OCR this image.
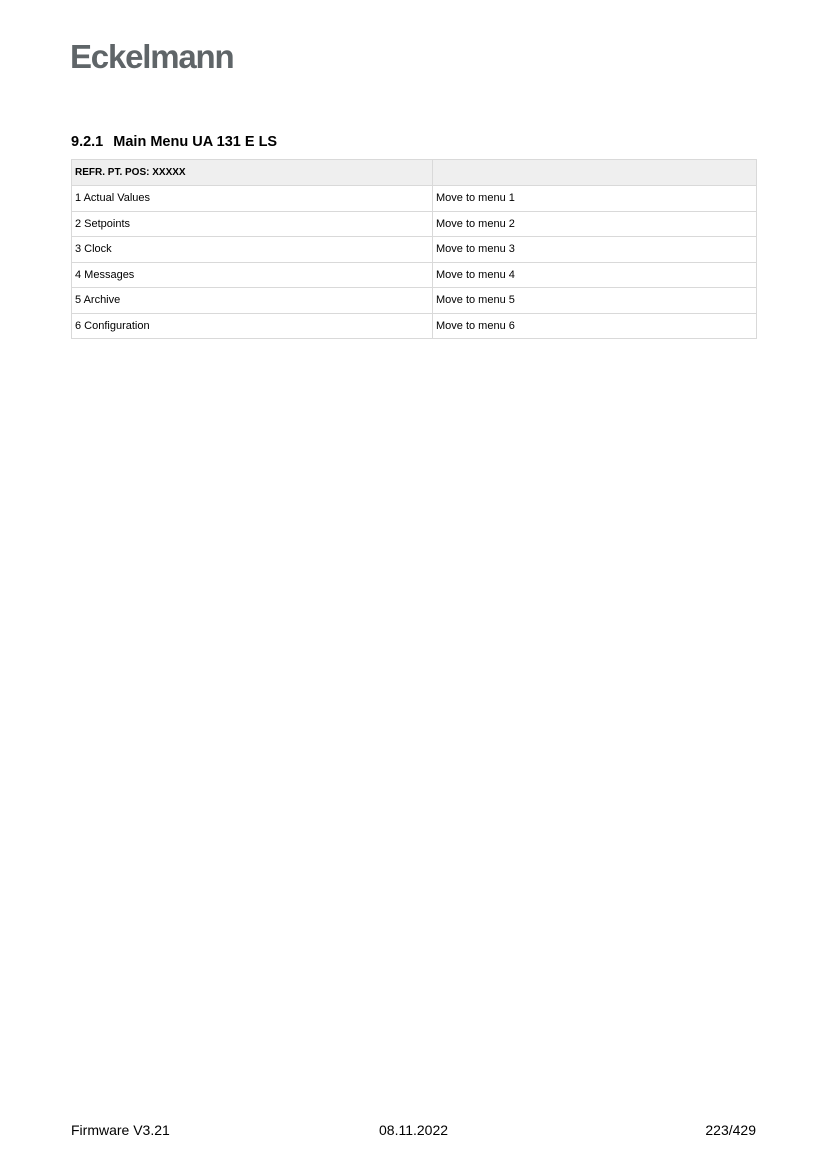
Eckelmann
9.2.1 Main Menu UA 131 E LS
REFR. PT. POS: XXXXX	
1 Actual Values	Move to menu 1
2 Setpoints	Move to menu 2
3 Clock	Move to menu 3
4 Messages	Move to menu 4
5 Archive	Move to menu 5
6 Configuration	Move to menu 6
Firmware V3.21	08.11.2022	223/429
